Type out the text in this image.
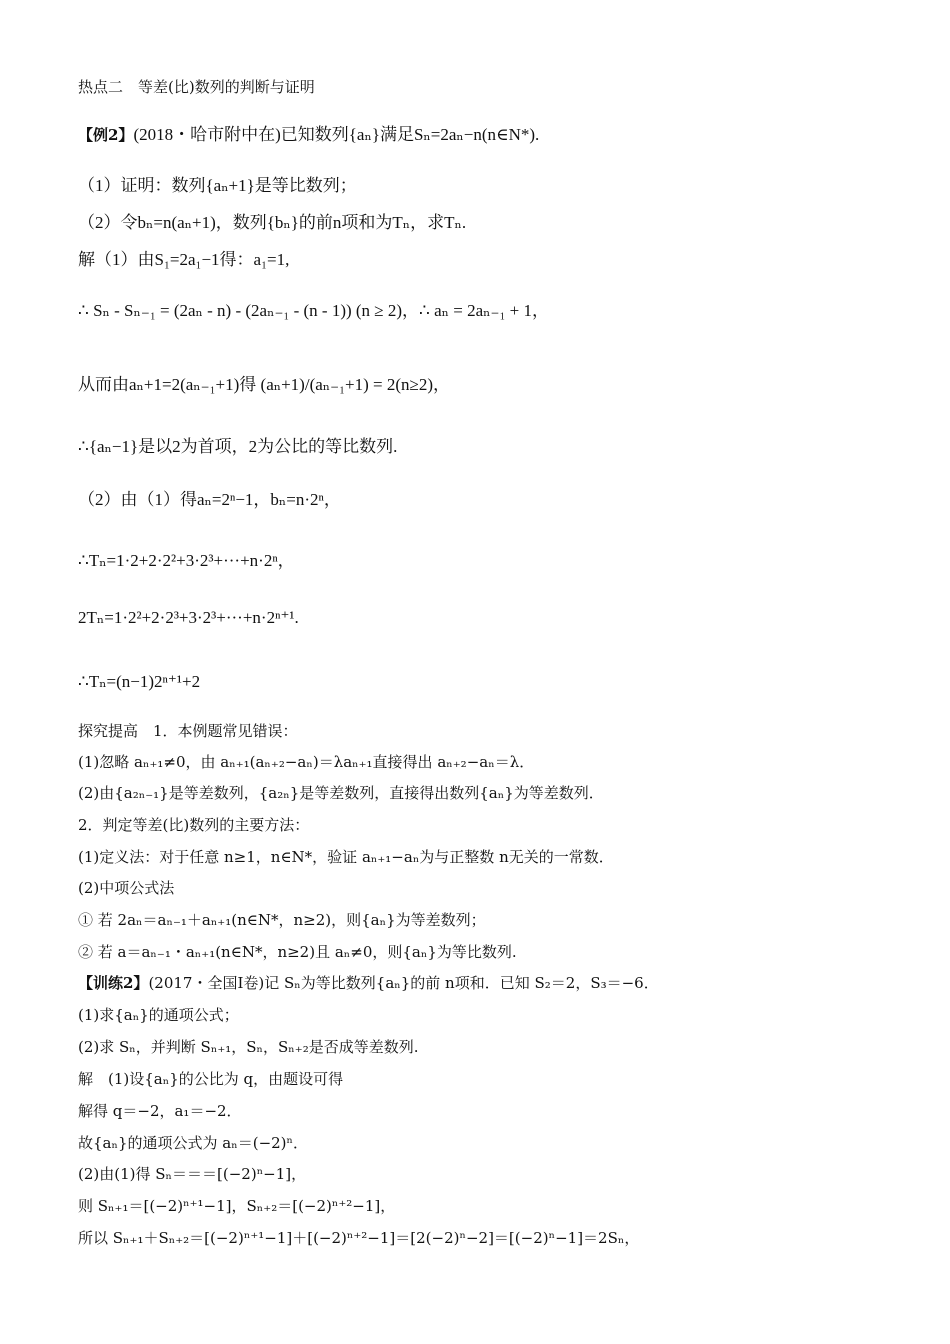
热点二　等差(比)数列的判断与证明
【例2】(2018・哈市附中在)已知数列{aₙ}满足Sₙ=2aₙ−n(n∈N*).
（1）证明：数列{aₙ+1}是等比数列；
（2）令bₙ=n(aₙ+1)，数列{bₙ}的前n项和为Tₙ，求Tₙ.
解（1）由S₁=2a₁−1得：a₁=1,
∴ Sₙ - Sₙ₋₁ = (2aₙ - n) - (2aₙ₋₁ - (n - 1)) (n ≥ 2)，∴ aₙ = 2aₙ₋₁ + 1，
从而由aₙ+1=2(aₙ₋₁+1)得 (aₙ+1)/(aₙ₋₁+1) = 2(n≥2)，
∴{aₙ−1}是以2为首项，2为公比的等比数列.
（2）由（1）得aₙ=2ⁿ−1，bₙ=n·2ⁿ，
∴Tₙ=1·2+2·2²+3·2³+···+n·2ⁿ，
2Tₙ=1·2²+2·2³+3·2³+···+n·2ⁿ⁺¹.
∴Tₙ=(n−1)2ⁿ⁺¹+2
探究提高　1．本例题常见错误：
(1)忽略 aₙ₊₁≠0，由 aₙ₊₁(aₙ₊₂−aₙ)＝λaₙ₊₁直接得出 aₙ₊₂−aₙ＝λ．
(2)由{a₂ₙ₋₁}是等差数列，{a₂ₙ}是等差数列，直接得出数列{aₙ}为等差数列．
2．判定等差(比)数列的主要方法：
(1)定义法：对于任意 n≥1，n∈N*，验证 aₙ₊₁−aₙ为与正整数 n无关的一常数．
(2)中项公式法
① 若 2aₙ＝aₙ₋₁＋aₙ₊₁(n∈N*，n≥2)，则{aₙ}为等差数列；
② 若 a＝aₙ₋₁・aₙ₊₁(n∈N*，n≥2)且 aₙ≠0，则{aₙ}为等比数列.
【训练2】(2017・全国Ⅰ卷)记 Sₙ为等比数列{aₙ}的前 n项和．已知 S₂＝2，S₃＝−6．
(1)求{aₙ}的通项公式；
(2)求 Sₙ，并判断 Sₙ₊₁，Sₙ，Sₙ₊₂是否成等差数列.
解　(1)设{aₙ}的公比为 q，由题设可得
解得 q＝−2，a₁＝−2．
故{aₙ}的通项公式为 aₙ＝(−2)ⁿ．
(2)由(1)得 Sₙ＝＝＝[(−2)ⁿ−1]，
则 Sₙ₊₁＝[(−2)ⁿ⁺¹−1]，Sₙ₊₂＝[(−2)ⁿ⁺²−1]，
所以 Sₙ₊₁＋Sₙ₊₂＝[(−2)ⁿ⁺¹−1]＋[(−2)ⁿ⁺²−1]＝[2(−2)ⁿ−2]＝[(−2)ⁿ−1]＝2Sₙ，
